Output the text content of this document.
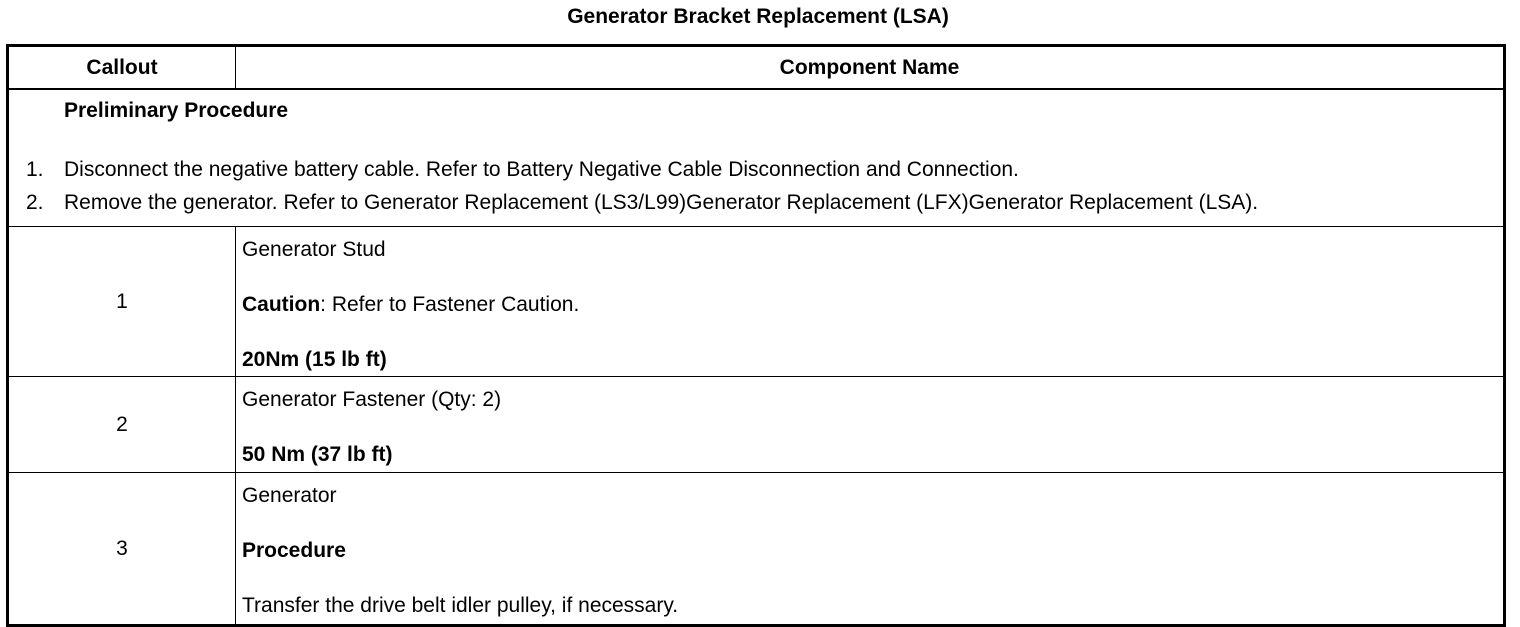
Generator Bracket Replacement (LSA)
Callout	Component Name

Preliminary Procedure
1. Disconnect the negative battery cable. Refer to Battery Negative Cable Disconnection and Connection.
2. Remove the generator. Refer to Generator Replacement (LS3/L99)Generator Replacement (LFX)Generator Replacement (LSA).	

1	Generator Stud
Caution: Refer to Fastener Caution.
20Nm (15 lb ft)

2	Generator Fastener (Qty: 2)
50 Nm (37 lb ft)

3	Generator
Procedure
Transfer the drive belt idler pulley, if necessary.
